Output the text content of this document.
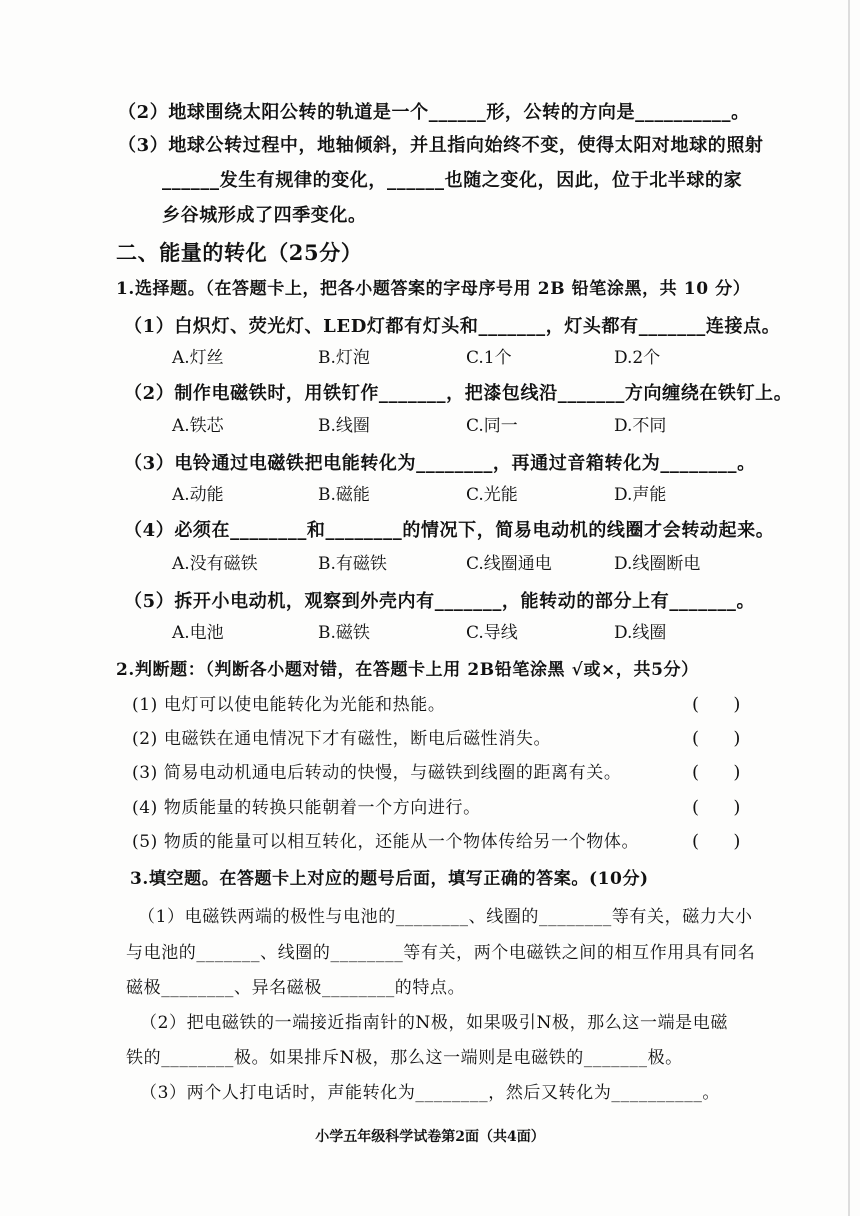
（2）地球围绕太阳公转的轨道是一个______形，公转的方向是__________。
（3）地球公转过程中，地轴倾斜，并且指向始终不变，使得太阳对地球的照射
______发生有规律的变化，______也随之变化，因此，位于北半球的家
乡谷城形成了四季变化。
二、能量的转化（25分）
1.选择题。（在答题卡上，把各小题答案的字母序号用 2B 铅笔涂黑，共 10 分）
（1）白炽灯、荧光灯、LED灯都有灯头和_______，灯头都有_______连接点。
A.灯丝	B.灯泡	C.1个	D.2个
（2）制作电磁铁时，用铁钉作_______，把漆包线沿_______方向缠绕在铁钉上。
A.铁芯	B.线圈	C.同一	D.不同
（3）电铃通过电磁铁把电能转化为________，再通过音箱转化为________。
A.动能	B.磁能	C.光能	D.声能
（4）必须在________和________的情况下，简易电动机的线圈才会转动起来。
A.没有磁铁	B.有磁铁	C.线圈通电	D.线圈断电
（5）拆开小电动机，观察到外壳内有_______，能转动的部分上有_______。
A.电池	B.磁铁	C.导线	D.线圈
2.判断题：（判断各小题对错，在答题卡上用 2B铅笔涂黑 √或×，共5分）
(1) 电灯可以使电能转化为光能和热能。	(      )
(2) 电磁铁在通电情况下才有磁性，断电后磁性消失。	(      )
(3) 简易电动机通电后转动的快慢，与磁铁到线圈的距离有关。	(      )
(4) 物质能量的转换只能朝着一个方向进行。	(      )
(5) 物质的能量可以相互转化，还能从一个物体传给另一个物体。	(      )
3.填空题。在答题卡上对应的题号后面，填写正确的答案。(10分)
（1）电磁铁两端的极性与电池的________、线圈的________等有关，磁力大小
与电池的_______、线圈的________等有关，两个电磁铁之间的相互作用具有同名
磁极________、异名磁极________的特点。
（2）把电磁铁的一端接近指南针的N极，如果吸引N极，那么这一端是电磁
铁的________极。如果排斥N极，那么这一端则是电磁铁的_______极。
（3）两个人打电话时，声能转化为________，然后又转化为__________。
小学五年级科学试卷第2面（共4面）
